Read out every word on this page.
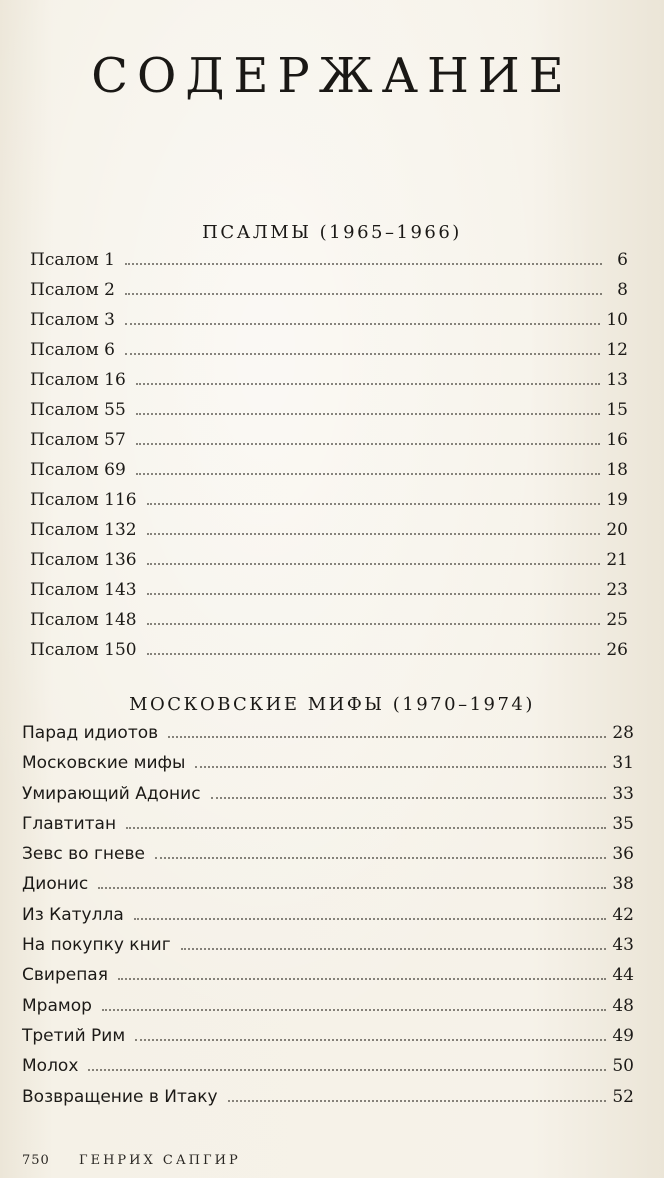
СОДЕРЖАНИЕ
ПСАЛМЫ (1965–1966)
Псалом 1	6
Псалом 2	8
Псалом 3	10
Псалом 6	12
Псалом 16	13
Псалом 55	15
Псалом 57	16
Псалом 69	18
Псалом 116	19
Псалом 132	20
Псалом 136	21
Псалом 143	23
Псалом 148	25
Псалом 150	26
МОСКОВСКИЕ МИФЫ (1970–1974)
Парад идиотов	28
Московские мифы	31
Умирающий Адонис	33
Главтитан	35
Зевс во гневе	36
Дионис	38
Из Катулла	42
На покупку книг	43
Свирепая	44
Мрамор	48
Третий Рим	49
Молох	50
Возвращение в Итаку	52
750 ГЕНРИХ САПГИР
